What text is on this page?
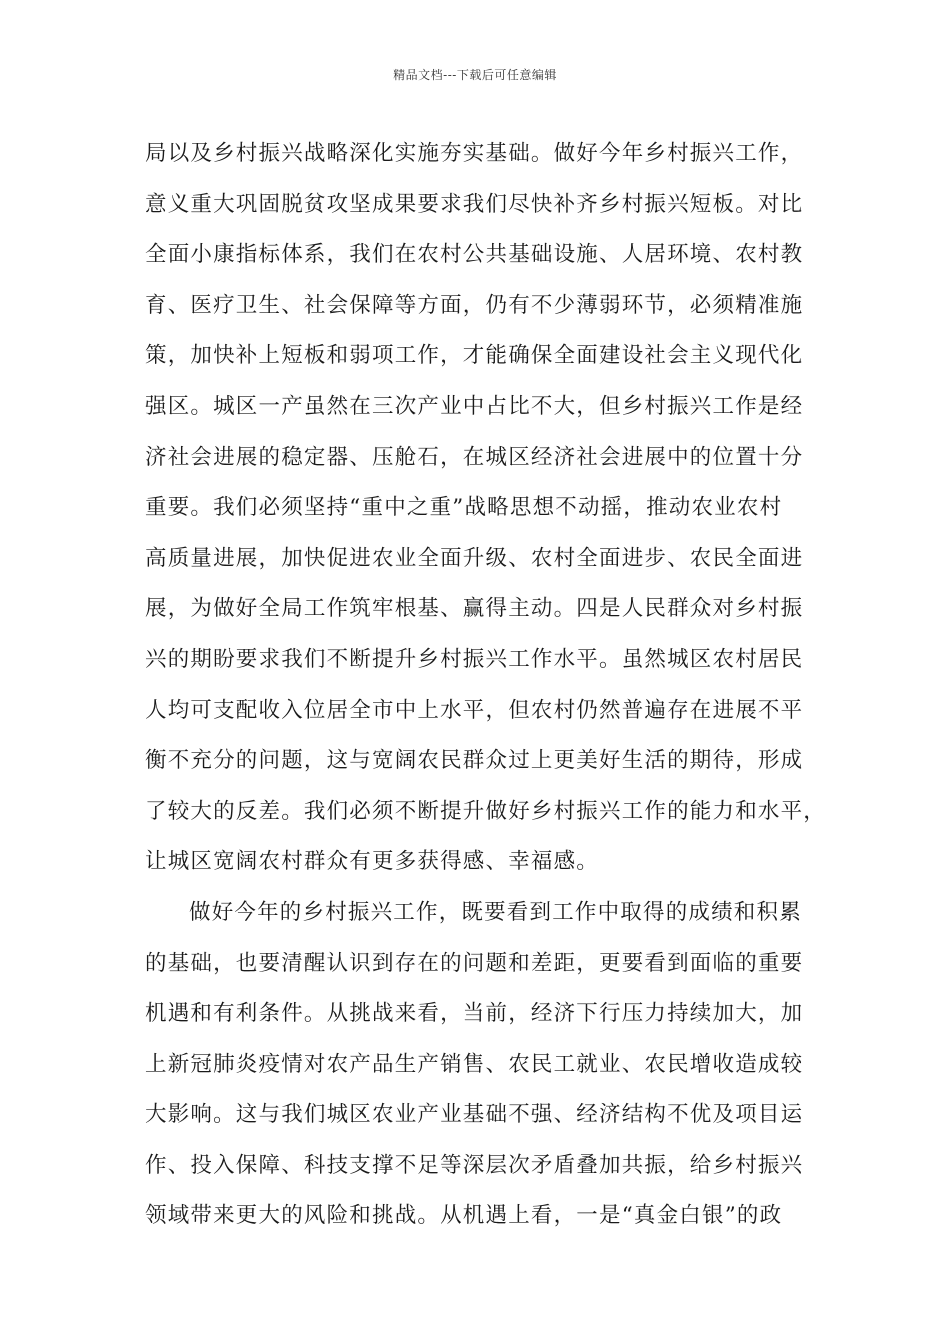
精品文档---下载后可任意编辑
局以及乡村振兴战略深化实施夯实基础。做好今年乡村振兴工作，
意义重大巩固脱贫攻坚成果要求我们尽快补齐乡村振兴短板。对比
全面小康指标体系，我们在农村公共基础设施、人居环境、农村教
育、医疗卫生、社会保障等方面，仍有不少薄弱环节，必须精准施
策，加快补上短板和弱项工作，才能确保全面建设社会主义现代化
强区。城区一产虽然在三次产业中占比不大，但乡村振兴工作是经
济社会进展的稳定器、压舱石，在城区经济社会进展中的位置十分
重要。我们必须坚持“重中之重”战略思想不动摇，推动农业农村
高质量进展，加快促进农业全面升级、农村全面进步、农民全面进
展，为做好全局工作筑牢根基、赢得主动。四是人民群众对乡村振
兴的期盼要求我们不断提升乡村振兴工作水平。虽然城区农村居民
人均可支配收入位居全市中上水平，但农村仍然普遍存在进展不平
衡不充分的问题，这与宽阔农民群众过上更美好生活的期待，形成
了较大的反差。我们必须不断提升做好乡村振兴工作的能力和水平，
让城区宽阔农村群众有更多获得感、幸福感。
做好今年的乡村振兴工作，既要看到工作中取得的成绩和积累
的基础，也要清醒认识到存在的问题和差距，更要看到面临的重要
机遇和有利条件。从挑战来看，当前，经济下行压力持续加大，加
上新冠肺炎疫情对农产品生产销售、农民工就业、农民增收造成较
大影响。这与我们城区农业产业基础不强、经济结构不优及项目运
作、投入保障、科技支撑不足等深层次矛盾叠加共振，给乡村振兴
领域带来更大的风险和挑战。从机遇上看，一是“真金白银”的政
